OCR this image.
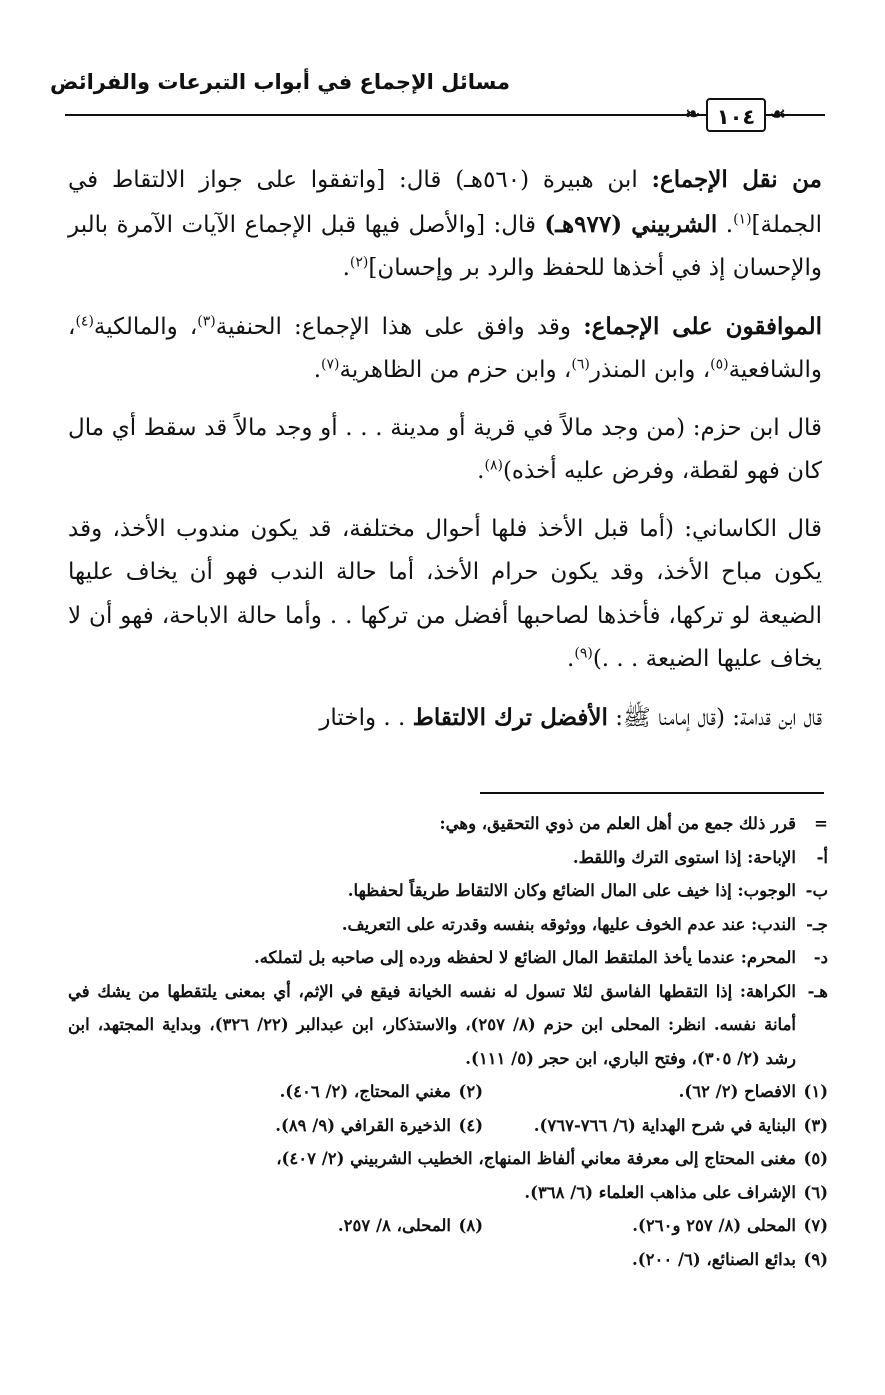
مسائل الإجماع في أبواب التبرعات والفرائض
❧	☙
١٠٤

من نقل الإجماع: ابن هبيرة (٥٦٠هـ) قال: [واتفقوا على جواز الالتقاط في الجملة]$^{(١)}$. الشربيني (٩٧٧هـ) قال: [والأصل فيها قبل الإجماع الآيات الآمرة بالبر والإحسان إذ في أخذها للحفظ والرد بر وإحسان]$^{(٢)}$.

الموافقون على الإجماع: وقد وافق على هذا الإجماع: الحنفية$^{(٣)}$، والمالكية$^{(٤)}$، والشافعية$^{(٥)}$، وابن المنذر$^{(٦)}$، وابن حزم من الظاهرية$^{(٧)}$.

قال ابن حزم: (من وجد مالاً في قرية أو مدينة . . . أو وجد مالاً قد سقط أي مال كان فهو لقطة، وفرض عليه أخذه)$^{(٨)}$.

قال الكاساني: (أما قبل الأخذ فلها أحوال مختلفة، قد يكون مندوب الأخذ، وقد يكون مباح الأخذ، وقد يكون حرام الأخذ، أما حالة الندب فهو أن يخاف عليها الضيعة لو تركها، فأخذها لصاحبها أفضل من تركها . . وأما حالة الاباحة، فهو أن لا يخاف عليها الضيعة . . .)$^{(٩)}$.

قال ابن قدامة: (قال إمامنا ﷺ: الأفضل ترك الالتقاط . . واختار

=
قرر ذلك جمع من أهل العلم من ذوي التحقيق، وهي:
أ-
الإباحة: إذا استوى الترك واللقط.
ب-
الوجوب: إذا خيف على المال الضائع وكان الالتقاط طريقاً لحفظها.
جـ-
الندب: عند عدم الخوف عليها، ووثوقه بنفسه وقدرته على التعريف.
د-
المحرم: عندما يأخذ الملتقط المال الضائع لا لحفظه ورده إلى صاحبه بل لتملكه.
هـ-
الكراهة: إذا التقطها الفاسق لئلا تسول له نفسه الخيانة فيقع في الإثم، أي بمعنى يلتقطها من يشك في أمانة نفسه. انظر: المحلى ابن حزم (٨/ ٢٥٧)، والاستذكار، ابن عبدالبر (٢٢/ ٣٢٦)، وبداية المجتهد، ابن رشد (٢/ ٣٠٥)، وفتح الباري، ابن حجر (٥/ ١١١).
(١)
الافصاح (٢/ ٦٢).
(٢)
مغني المحتاج، (٢/ ٤٠٦).
(٣)
البناية في شرح الهداية (٦/ ٧٦٦-٧٦٧).
(٤)
الذخيرة القرافي (٩/ ٨٩).
(٥)
مغنى المحتاج إلى معرفة معاني ألفاظ المنهاج، الخطيب الشربيني (٢/ ٤٠٧)،
(٦)
الإشراف على مذاهب العلماء (٦/ ٣٦٨).
(٧)
المحلى (٨/ ٢٥٧ و٢٦٠).
(٨)
المحلى، ٨/ ٢٥٧.
(٩)
بدائع الصنائع، (٦/ ٢٠٠).
